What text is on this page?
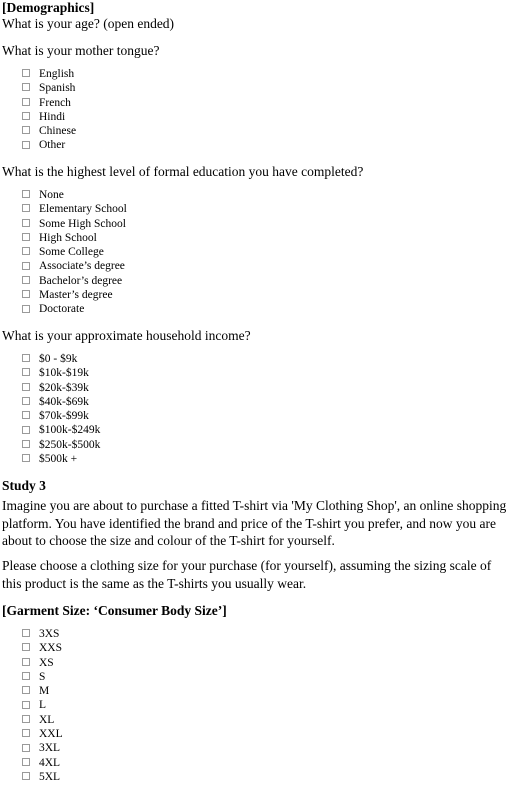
[Demographics]

What is your age? (open ended)

What is your mother tongue?

English
Spanish
French
Hindi
Chinese
Other

What is the highest level of formal education you have completed?

None
Elementary School
Some High School
High School
Some College
Associate’s degree
Bachelor’s degree
Master’s degree
Doctorate

What is your approximate household income?

$0 - $9k
$10k-$19k
$20k-$39k
$40k-$69k
$70k-$99k
$100k-$249k
$250k-$500k
$500k +
Study 3

Imagine you are about to purchase a fitted T-shirt via 'My Clothing Shop', an online shopping platform. You have identified the brand and price of the T-shirt you prefer, and now you are about to choose the size and colour of the T-shirt for yourself.

Please choose a clothing size for your purchase (for yourself), assuming the sizing scale of this product is the same as the T-shirts you usually wear.

[Garment Size: ‘Consumer Body Size’]
3XS
XXS
XS
S
M
L
XL
XXL
3XL
4XL
5XL
